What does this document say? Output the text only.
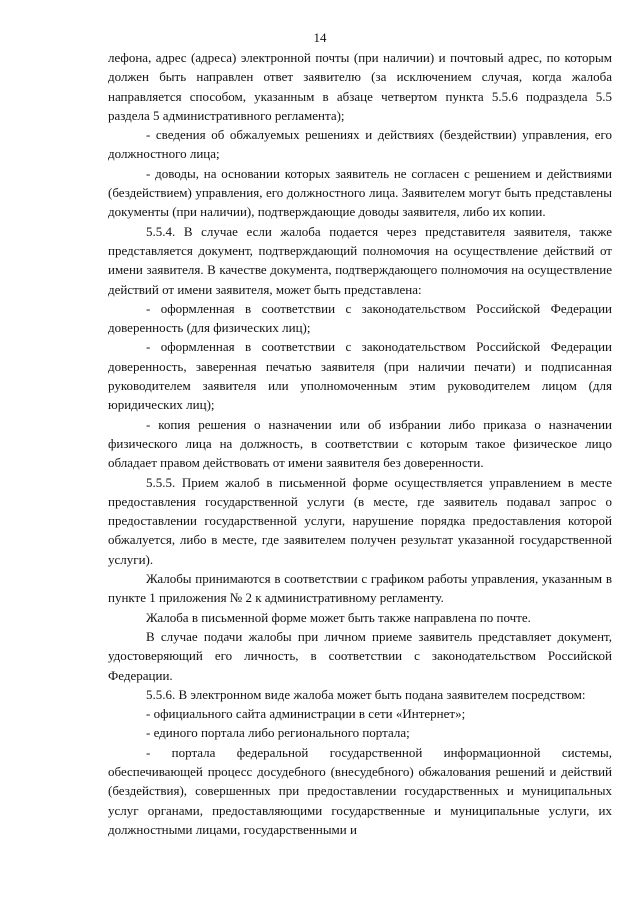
14

лефона, адрес (адреса) электронной почты (при наличии) и почтовый адрес, по которым должен быть направлен ответ заявителю (за исключением случая, когда жалоба направляется способом, указанным в абзаце четвертом пункта 5.5.6 подраздела 5.5 раздела 5 административного регламента);

- сведения об обжалуемых решениях и действиях (бездействии) управления, его должностного лица;

- доводы, на основании которых заявитель не согласен с решением и действиями (бездействием) управления, его должностного лица. Заявителем могут быть представлены документы (при наличии), подтверждающие доводы заявителя, либо их копии.

5.5.4. В случае если жалоба подается через представителя заявителя, также представляется документ, подтверждающий полномочия на осуществление действий от имени заявителя. В качестве документа, подтверждающего полномочия на осуществление действий от имени заявителя, может быть представлена:

- оформленная в соответствии с законодательством Российской Федерации доверенность (для физических лиц);

- оформленная в соответствии с законодательством Российской Федерации доверенность, заверенная печатью заявителя (при наличии печати) и подписанная руководителем заявителя или уполномоченным этим руководителем лицом (для юридических лиц);

- копия решения о назначении или об избрании либо приказа о назначении физического лица на должность, в соответствии с которым такое физическое лицо обладает правом действовать от имени заявителя без доверенности.

5.5.5. Прием жалоб в письменной форме осуществляется управлением в месте предоставления государственной услуги (в месте, где заявитель подавал запрос о предоставлении государственной услуги, нарушение порядка предоставления которой обжалуется, либо в месте, где заявителем получен результат указанной государственной услуги).

Жалобы принимаются в соответствии с графиком работы управления, указанным в пункте 1 приложения № 2 к административному регламенту.

Жалоба в письменной форме может быть также направлена по почте.

В случае подачи жалобы при личном приеме заявитель представляет документ, удостоверяющий его личность, в соответствии с законодательством Российской Федерации.

5.5.6. В электронном виде жалоба может быть подана заявителем посредством:

- официального сайта администрации в сети «Интернет»;

- единого портала либо регионального портала;

- портала федеральной государственной информационной системы, обеспечивающей процесс досудебного (внесудебного) обжалования решений и действий (бездействия), совершенных при предоставлении государственных и муниципальных услуг органами, предоставляющими государственные и муниципальные услуги, их должностными лицами, государственными и
